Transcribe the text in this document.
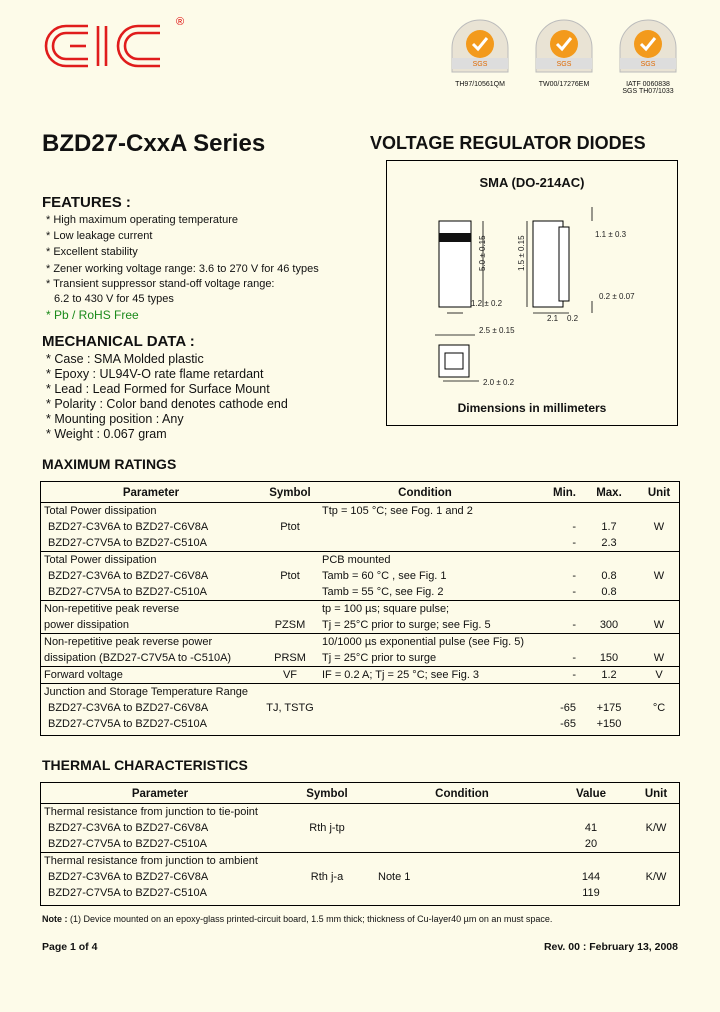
®
SGS
TH97/10561QM
SGS
TW00/17276EM
SGS
IATF 0060838
SGS TH07/1033
BZD27-CxxA Series	VOLTAGE REGULATOR DIODES
SMA (DO-214AC)
1.1 ± 0.3
0.2 ± 0.07
5.0 ± 0.15	1.5 ± 0.15
1.2 ± 0.2
2.1 0.2
2.5 ± 0.15
2.0 ± 0.2
Dimensions in millimeters
FEATURES :
* High maximum operating temperature
* Low leakage current
* Excellent stability
* Zener working voltage range: 3.6 to 270 V for 46 types
* Transient suppressor stand-off voltage range:
6.2 to 430 V for 45 types
* Pb / RoHS Free
MECHANICAL DATA :
* Case : SMA Molded plastic
* Epoxy : UL94V-O rate flame retardant
* Lead : Lead Formed for Surface Mount
* Polarity : Color band denotes cathode end
* Mounting position : Any
* Weight : 0.067 gram
MAXIMUM RATINGS
Parameter	Symbol	Condition	Min.	Max.	Unit
Total Power dissipation		Ttp = 105 °C; see Fog. 1 and 2			
BZD27-C3V6A to BZD27-C6V8A	Ptot		-	1.7	W
BZD27-C7V5A to BZD27-C510A			-	2.3	
Total Power dissipation		PCB mounted			
BZD27-C3V6A to BZD27-C6V8A	Ptot	Tamb = 60 °C , see Fig. 1	-	0.8	W
BZD27-C7V5A to BZD27-C510A		Tamb = 55 °C, see Fig. 2	-	0.8	
Non-repetitive peak reverse		tp = 100 µs; square pulse;			
power dissipation	PZSM	Tj = 25°C prior to surge; see Fig. 5	-	300	W
Non-repetitive peak reverse power		10/1000 µs exponential pulse (see Fig. 5)			
dissipation (BZD27-C7V5A to -C510A)	PRSM	Tj = 25°C prior to surge	-	150	W
Forward voltage	VF	IF = 0.2 A; Tj = 25 °C; see Fig. 3	-	1.2	V
Junction and Storage Temperature Range					
BZD27-C3V6A to BZD27-C6V8A	TJ, TSTG		-65	+175	°C
BZD27-C7V5A to BZD27-C510A			-65	+150	
THERMAL CHARACTERISTICS
Parameter	Symbol	Condition	Value	Unit
Thermal resistance from junction to tie-point				
BZD27-C3V6A to BZD27-C6V8A	Rth j-tp		41	K/W
BZD27-C7V5A to BZD27-C510A			20	
Thermal resistance from junction to ambient				
BZD27-C3V6A to BZD27-C6V8A	Rth j-a	Note 1	144	K/W
BZD27-C7V5A to BZD27-C510A			119	
Note : (1) Device mounted on an epoxy-glass printed-circuit board, 1.5 mm thick; thickness of Cu-layer40 µm on an must space.
Page 1 of 4	Rev. 00 : February 13, 2008
